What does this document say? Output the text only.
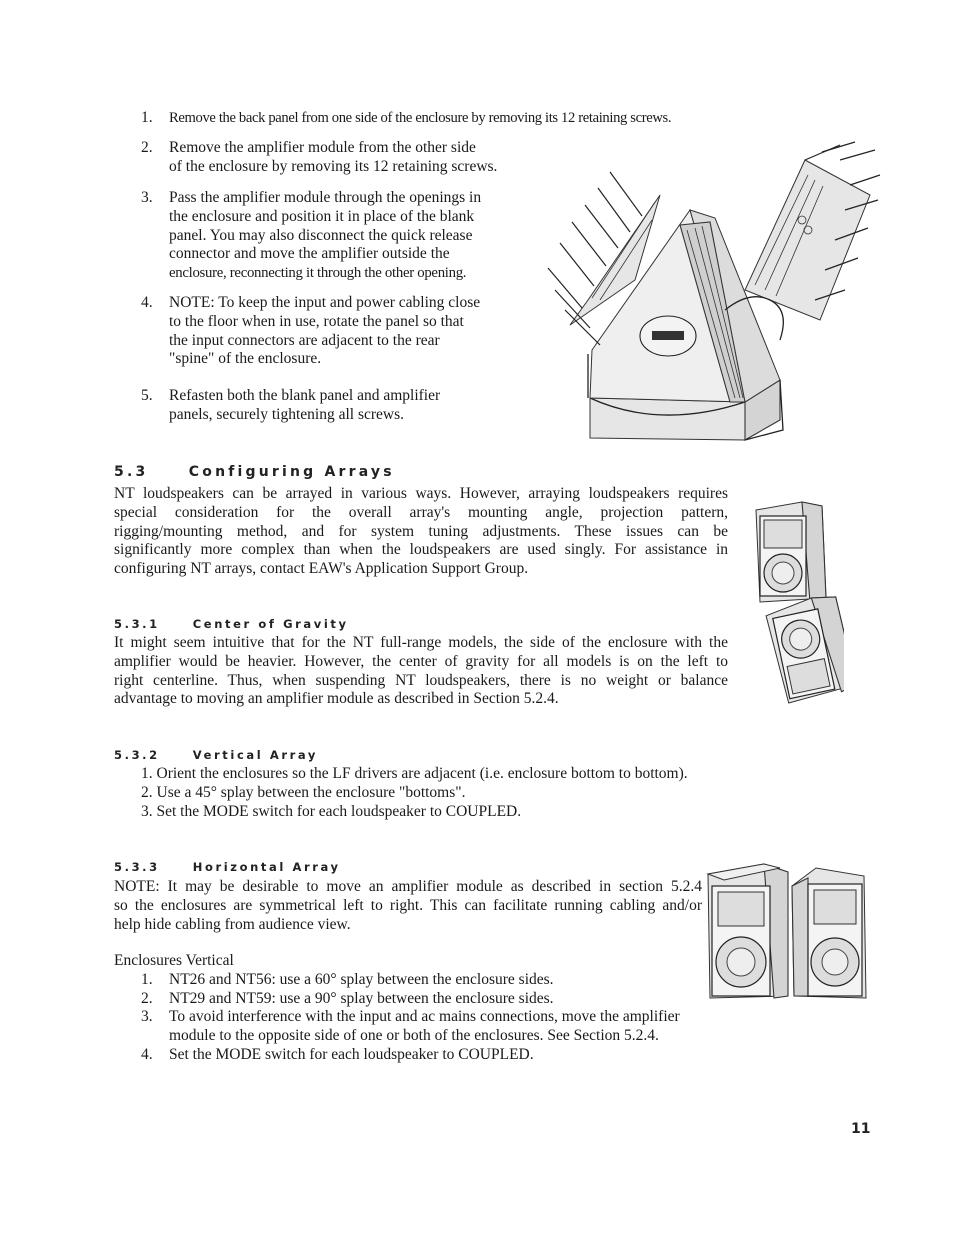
1. Remove the back panel from one side of the enclosure by removing its 12 retaining screws.
2. Remove the amplifier module from the other side
of the enclosure by removing its 12 retaining screws.
3. Pass the amplifier module through the openings in
the enclosure and position it in place of the blank
panel. You may also disconnect the quick release
connector and move the amplifier outside the
enclosure, reconnecting it through the other opening.
4. NOTE: To keep the input and power cabling close
to the floor when in use, rotate the panel so that
the input connectors are adjacent to the rear
"spine" of the enclosure.
5. Refasten both the blank panel and amplifier
panels, securely tightening all screws.
5.3     Configuring Arrays
NT loudspeakers can be arrayed in various ways. However, arraying loudspeakers requires
special consideration for the overall array's mounting angle, projection pattern,
rigging/mounting method, and for system tuning adjustments. These issues can be
significantly more complex than when the loudspeakers are used singly. For assistance in
configuring NT arrays, contact EAW's Application Support Group.
5.3.1     Center of Gravity
It might seem intuitive that for the NT full-range models, the side of the enclosure with the
amplifier would be heavier. However, the center of gravity for all models is on the left to
right centerline. Thus, when suspending NT loudspeakers, there is no weight or balance
advantage to moving an amplifier module as described in Section 5.2.4.
5.3.2     Vertical Array
1. Orient the enclosures so the LF drivers are adjacent (i.e. enclosure bottom to bottom).
2. Use a 45° splay between the enclosure "bottoms".
3. Set the MODE switch for each loudspeaker to COUPLED.
5.3.3     Horizontal Array
NOTE: It may be desirable to move an amplifier module as described in section 5.2.4
so the enclosures are symmetrical left to right. This can facilitate running cabling and/or
help hide cabling from audience view.
Enclosures Vertical
1. NT26 and NT56: use a 60° splay between the enclosure sides.
2. NT29 and NT59: use a 90° splay between the enclosure sides.
3. To avoid interference with the input and ac mains connections, move the amplifier
module to the opposite side of one or both of the enclosures. See Section 5.2.4.
4. Set the MODE switch for each loudspeaker to COUPLED.
11
